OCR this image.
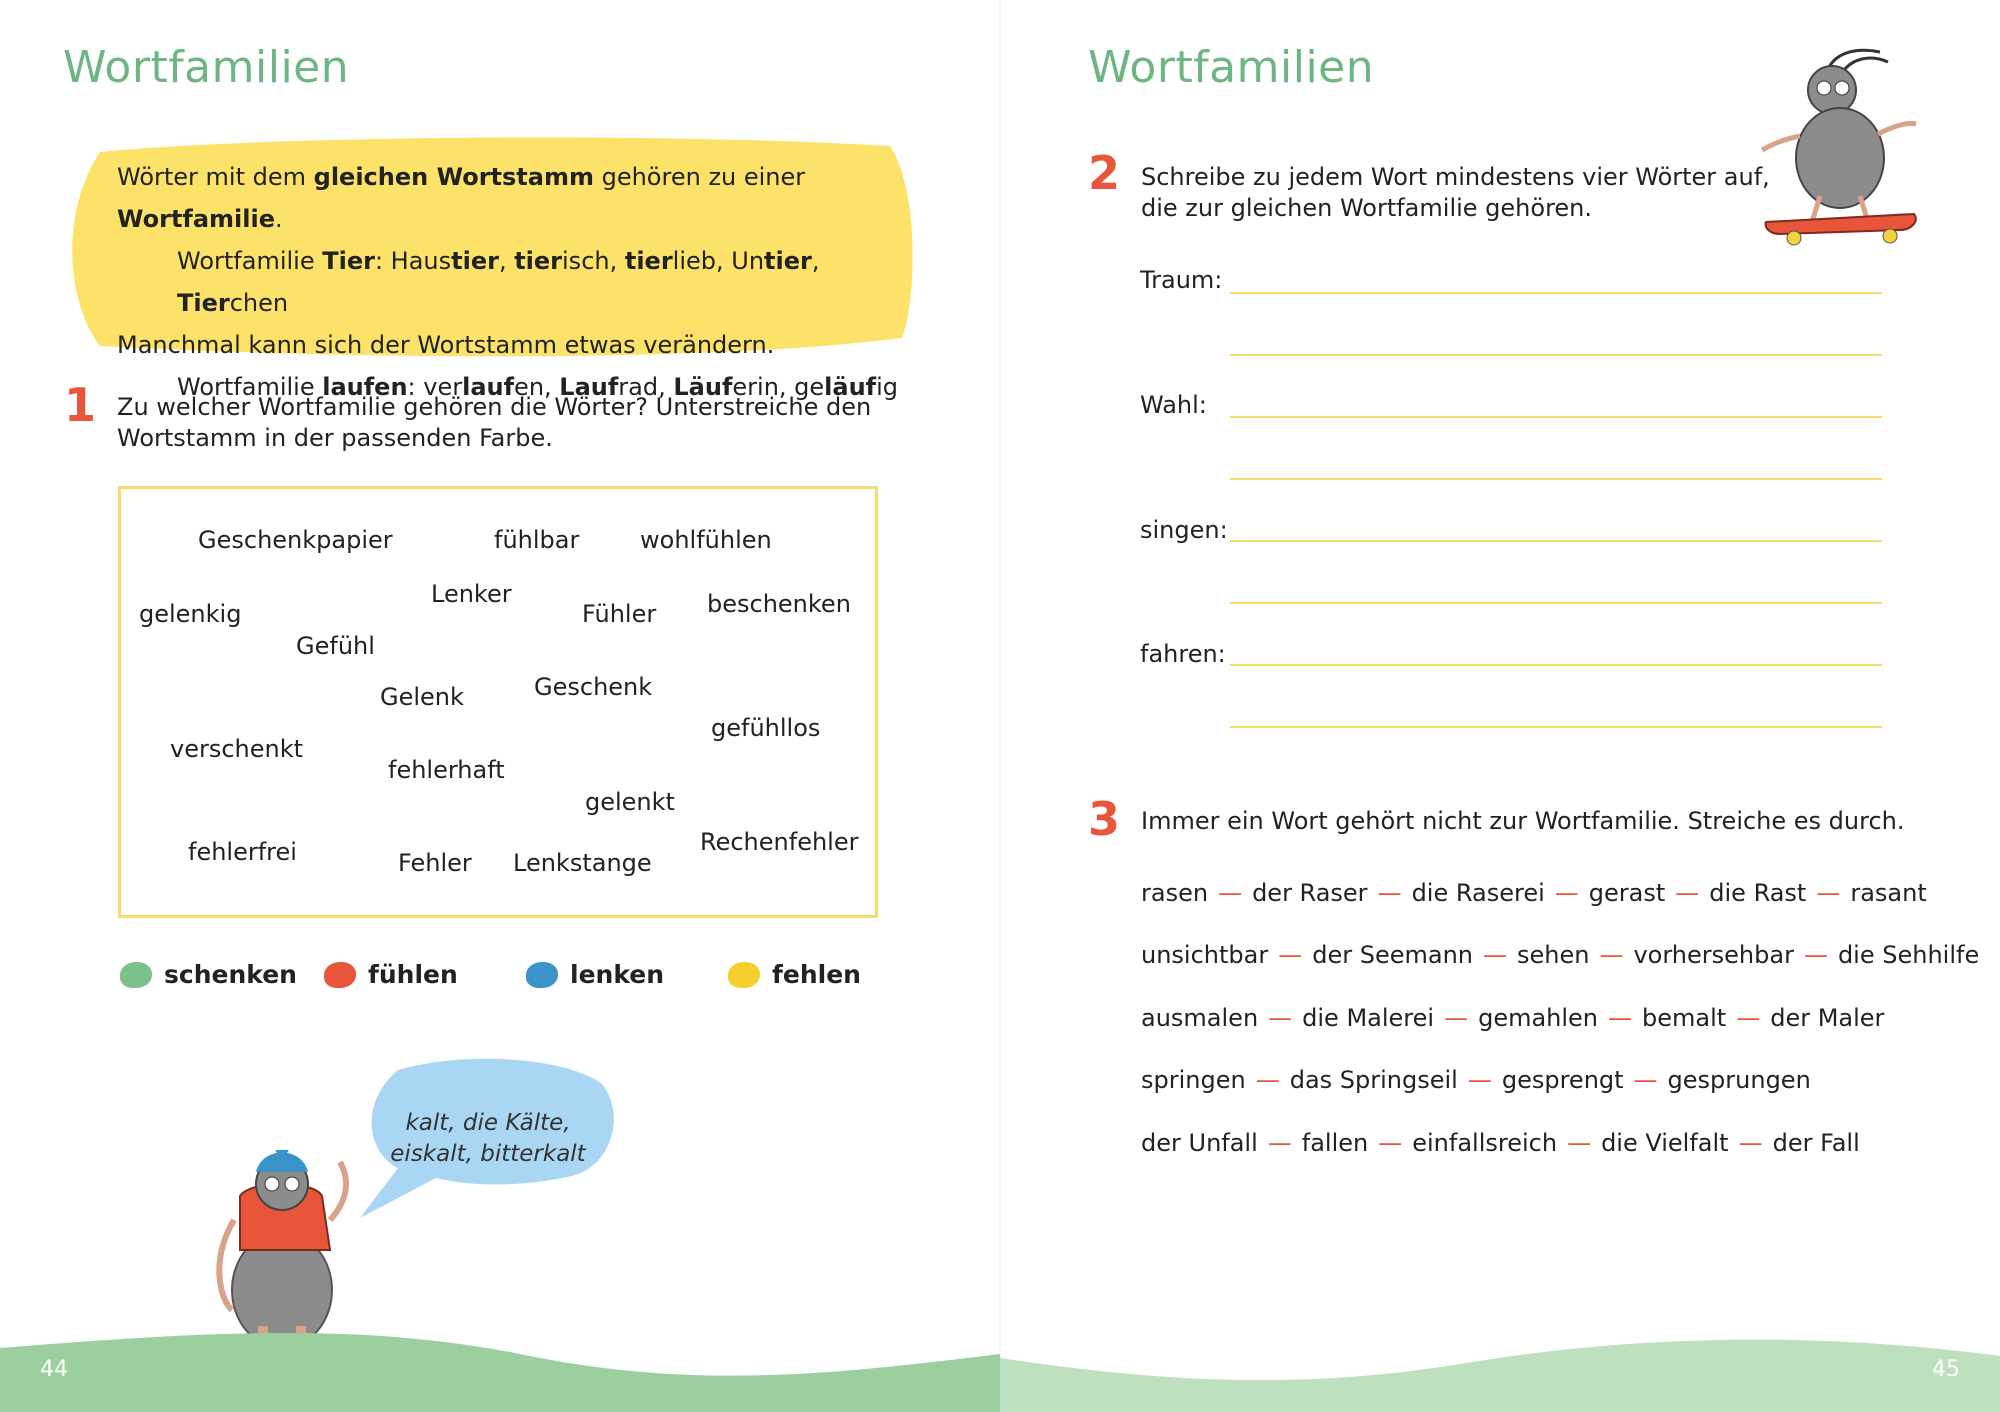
Wortfamilien
Wörter mit dem gleichen Wortstamm gehören zu einer Wortfamilie.
Wortfamilie Tier: Haustier, tierisch, tierlieb, Untier, Tierchen
Manchmal kann sich der Wortstamm etwas verändern.
Wortfamilie laufen: verlaufen, Laufrad, Läuferin, geläufig
1 Zu welcher Wortfamilie gehören die Wörter? Unterstreiche den
Wortstamm in der passenden Farbe.
Geschenkpapier	fühlbar	wohlfühlen
gelenkig
Lenker
Fühler beschenken
Gefühl
Gelenk	Geschenk
gefühllos
verschenkt
fehlerhaft
gelenkt
fehlerfrei	Fehler Lenkstange
Rechenfehler
schenken	fühlen	lenken	fehlen
kalt, die Kälte,
eiskalt, bitterkalt
44
Wortfamilien
2 Schreibe zu jedem Wort mindestens vier Wörter auf,
die zur gleichen Wortfamilie gehören.
Traum:
Wahl:
singen:
fahren:
3 Immer ein Wort gehört nicht zur Wortfamilie. Streiche es durch.
rasen — der Raser — die Raserei — gerast — die Rast — rasant
unsichtbar — der Seemann — sehen — vorhersehbar — die Sehhilfe
ausmalen — die Malerei — gemahlen — bemalt — der Maler
springen — das Springseil — gesprengt — gesprungen
der Unfall — fallen — einfallsreich — die Vielfalt — der Fall
45
